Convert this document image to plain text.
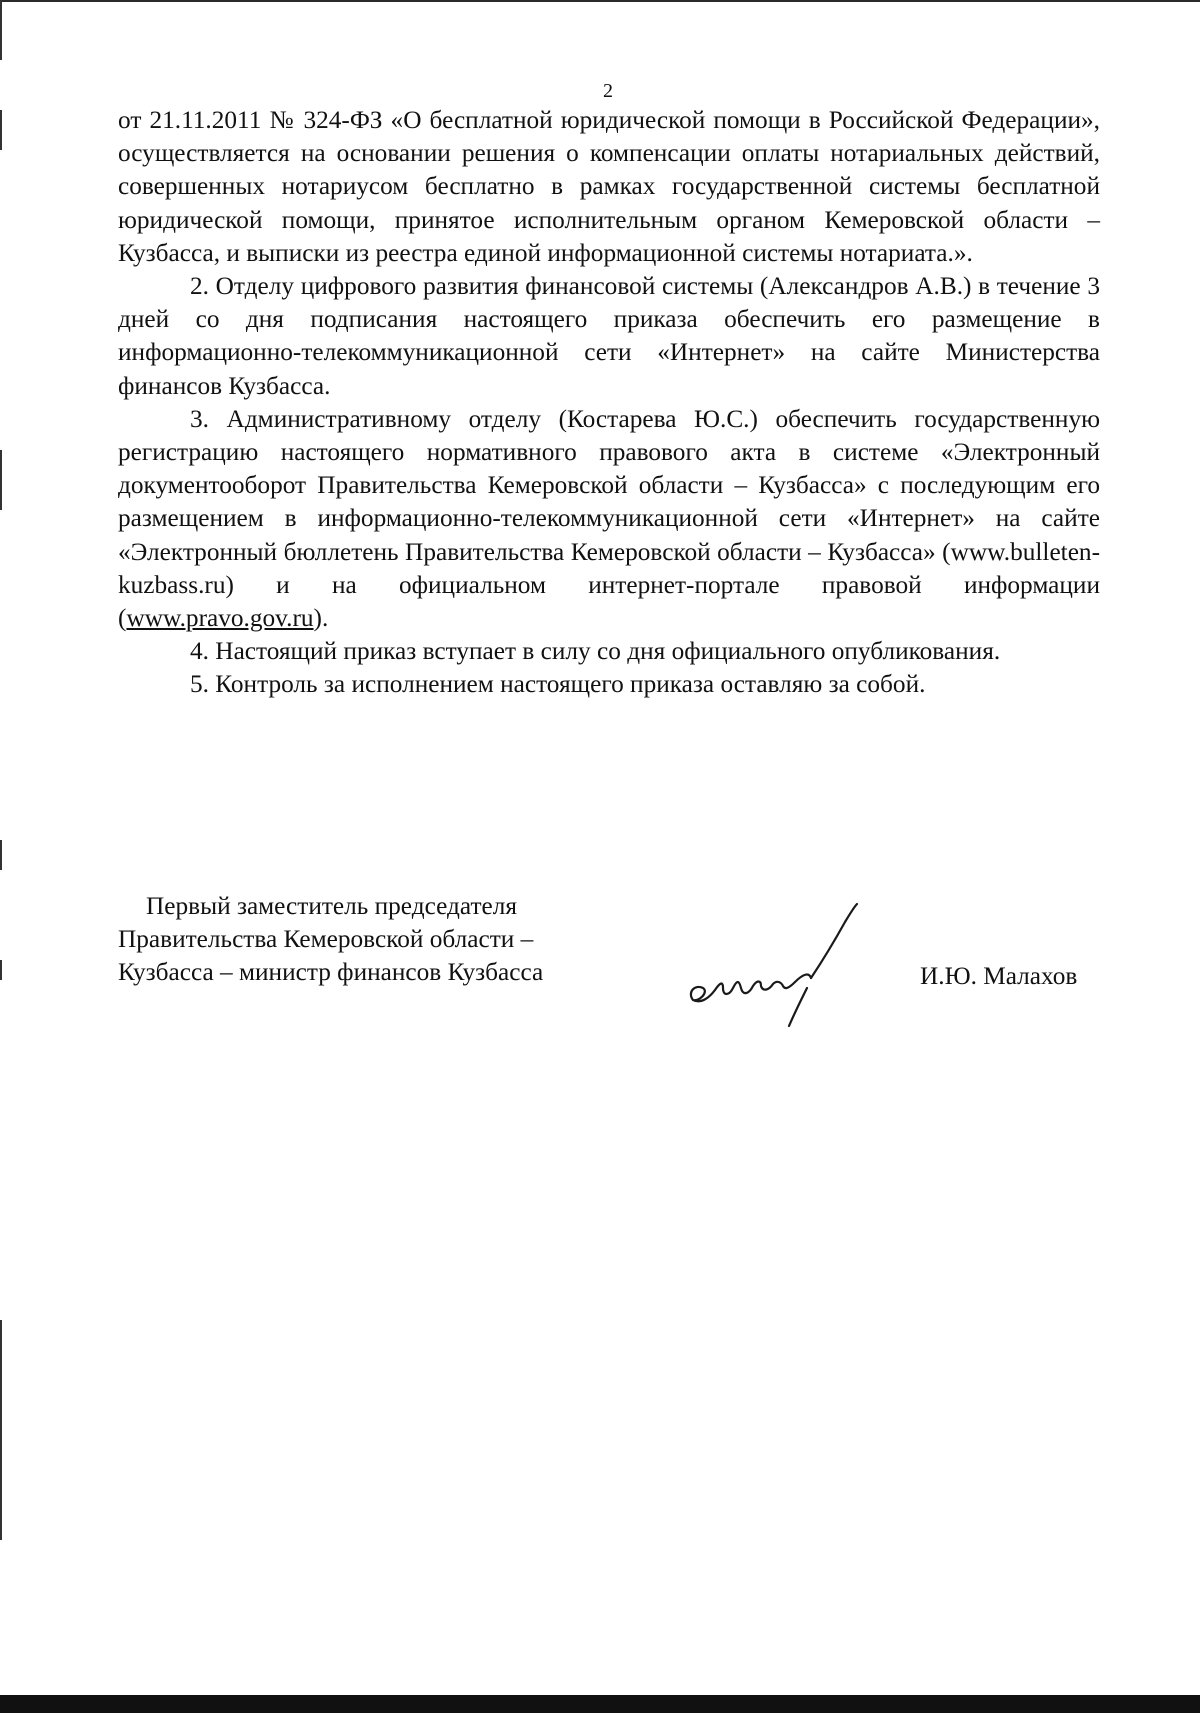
2

от 21.11.2011 № 324-ФЗ «О бесплатной юридической помощи в Российской Федерации», осуществляется на основании решения о компенсации оплаты нотариальных действий, совершенных нотариусом бесплатно в рамках государственной системы бесплатной юридической помощи, принятое исполнительным органом Кемеровской области – Кузбасса, и выписки из реестра единой информационной системы нотариата.».

2. Отделу цифрового развития финансовой системы (Александров А.В.) в течение 3 дней со дня подписания настоящего приказа обеспечить его размещение в информационно-телекоммуникационной сети «Интернет» на сайте Министерства финансов Кузбасса.

3. Административному отделу (Костарева Ю.С.) обеспечить государственную регистрацию настоящего нормативного правового акта в системе «Электронный документооборот Правительства Кемеровской области – Кузбасса» с последующим его размещением в информационно-телекоммуникационной сети «Интернет» на сайте «Электронный бюллетень Правительства Кемеровской области – Кузбасса» (www.bulleten-kuzbass.ru) и на официальном интернет-портале правовой информации (www.pravo.gov.ru).

4. Настоящий приказ вступает в силу со дня официального опубликования.

5. Контроль за исполнением настоящего приказа оставляю за собой.

Первый заместитель председателя
Правительства Кемеровской области –
Кузбасса – министр финансов Кузбасса	И.Ю. Малахов
